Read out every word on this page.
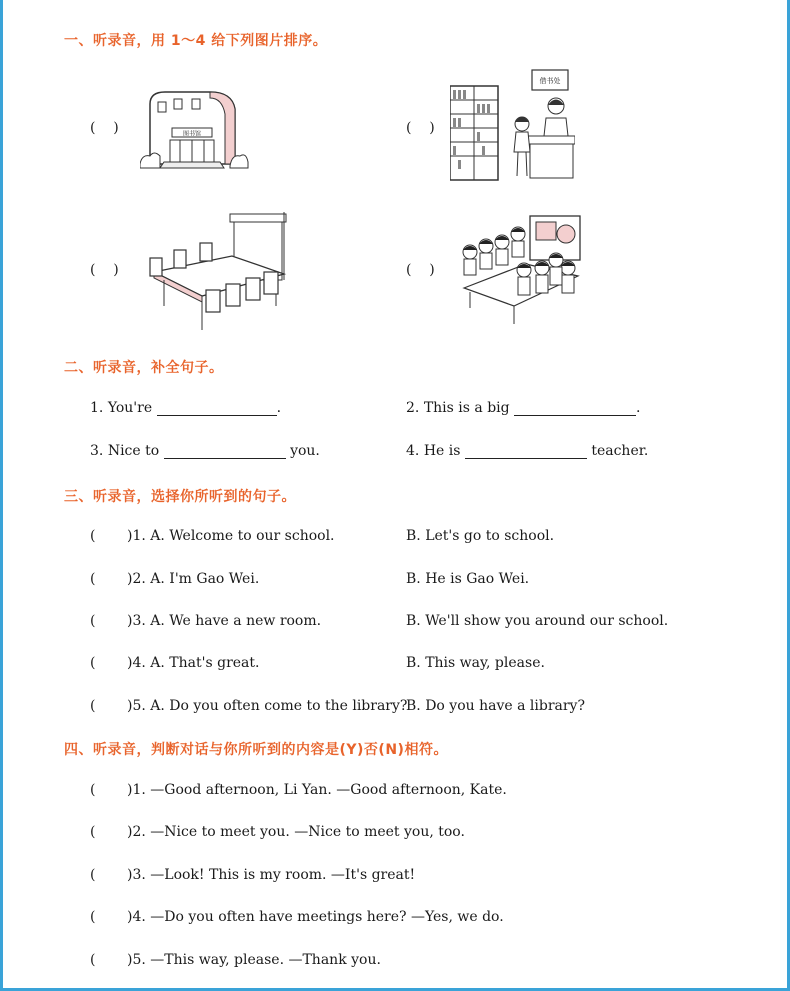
一、听录音，用 1～4 给下列图片排序。
(    )	(    )
(    )	(    )
图书馆
借书处
二、听录音，补全句子。
1. You're	.	2. This is a big	.
3. Nice to	you.	4. He is	teacher.
三、听录音，选择你所听到的句子。
( )1. A. Welcome to our school.	B. Let's go to school.
( )2. A. I'm Gao Wei.	B. He is Gao Wei.
( )3. A. We have a new room.	B. We'll show you around our school.
( )4. A. That's great.	B. This way, please.
( )5. A. Do you often come to the library?
B. Do you have a library?
四、听录音，判断对话与你所听到的内容是(Y)否(N)相符。
( )1. —Good afternoon, Li Yan. —Good afternoon, Kate.
( )2. —Nice to meet you. —Nice to meet you, too.
( )3. —Look! This is my room. —It's great!
( )4. —Do you often have meetings here? —Yes, we do.
( )5. —This way, please. —Thank you.
